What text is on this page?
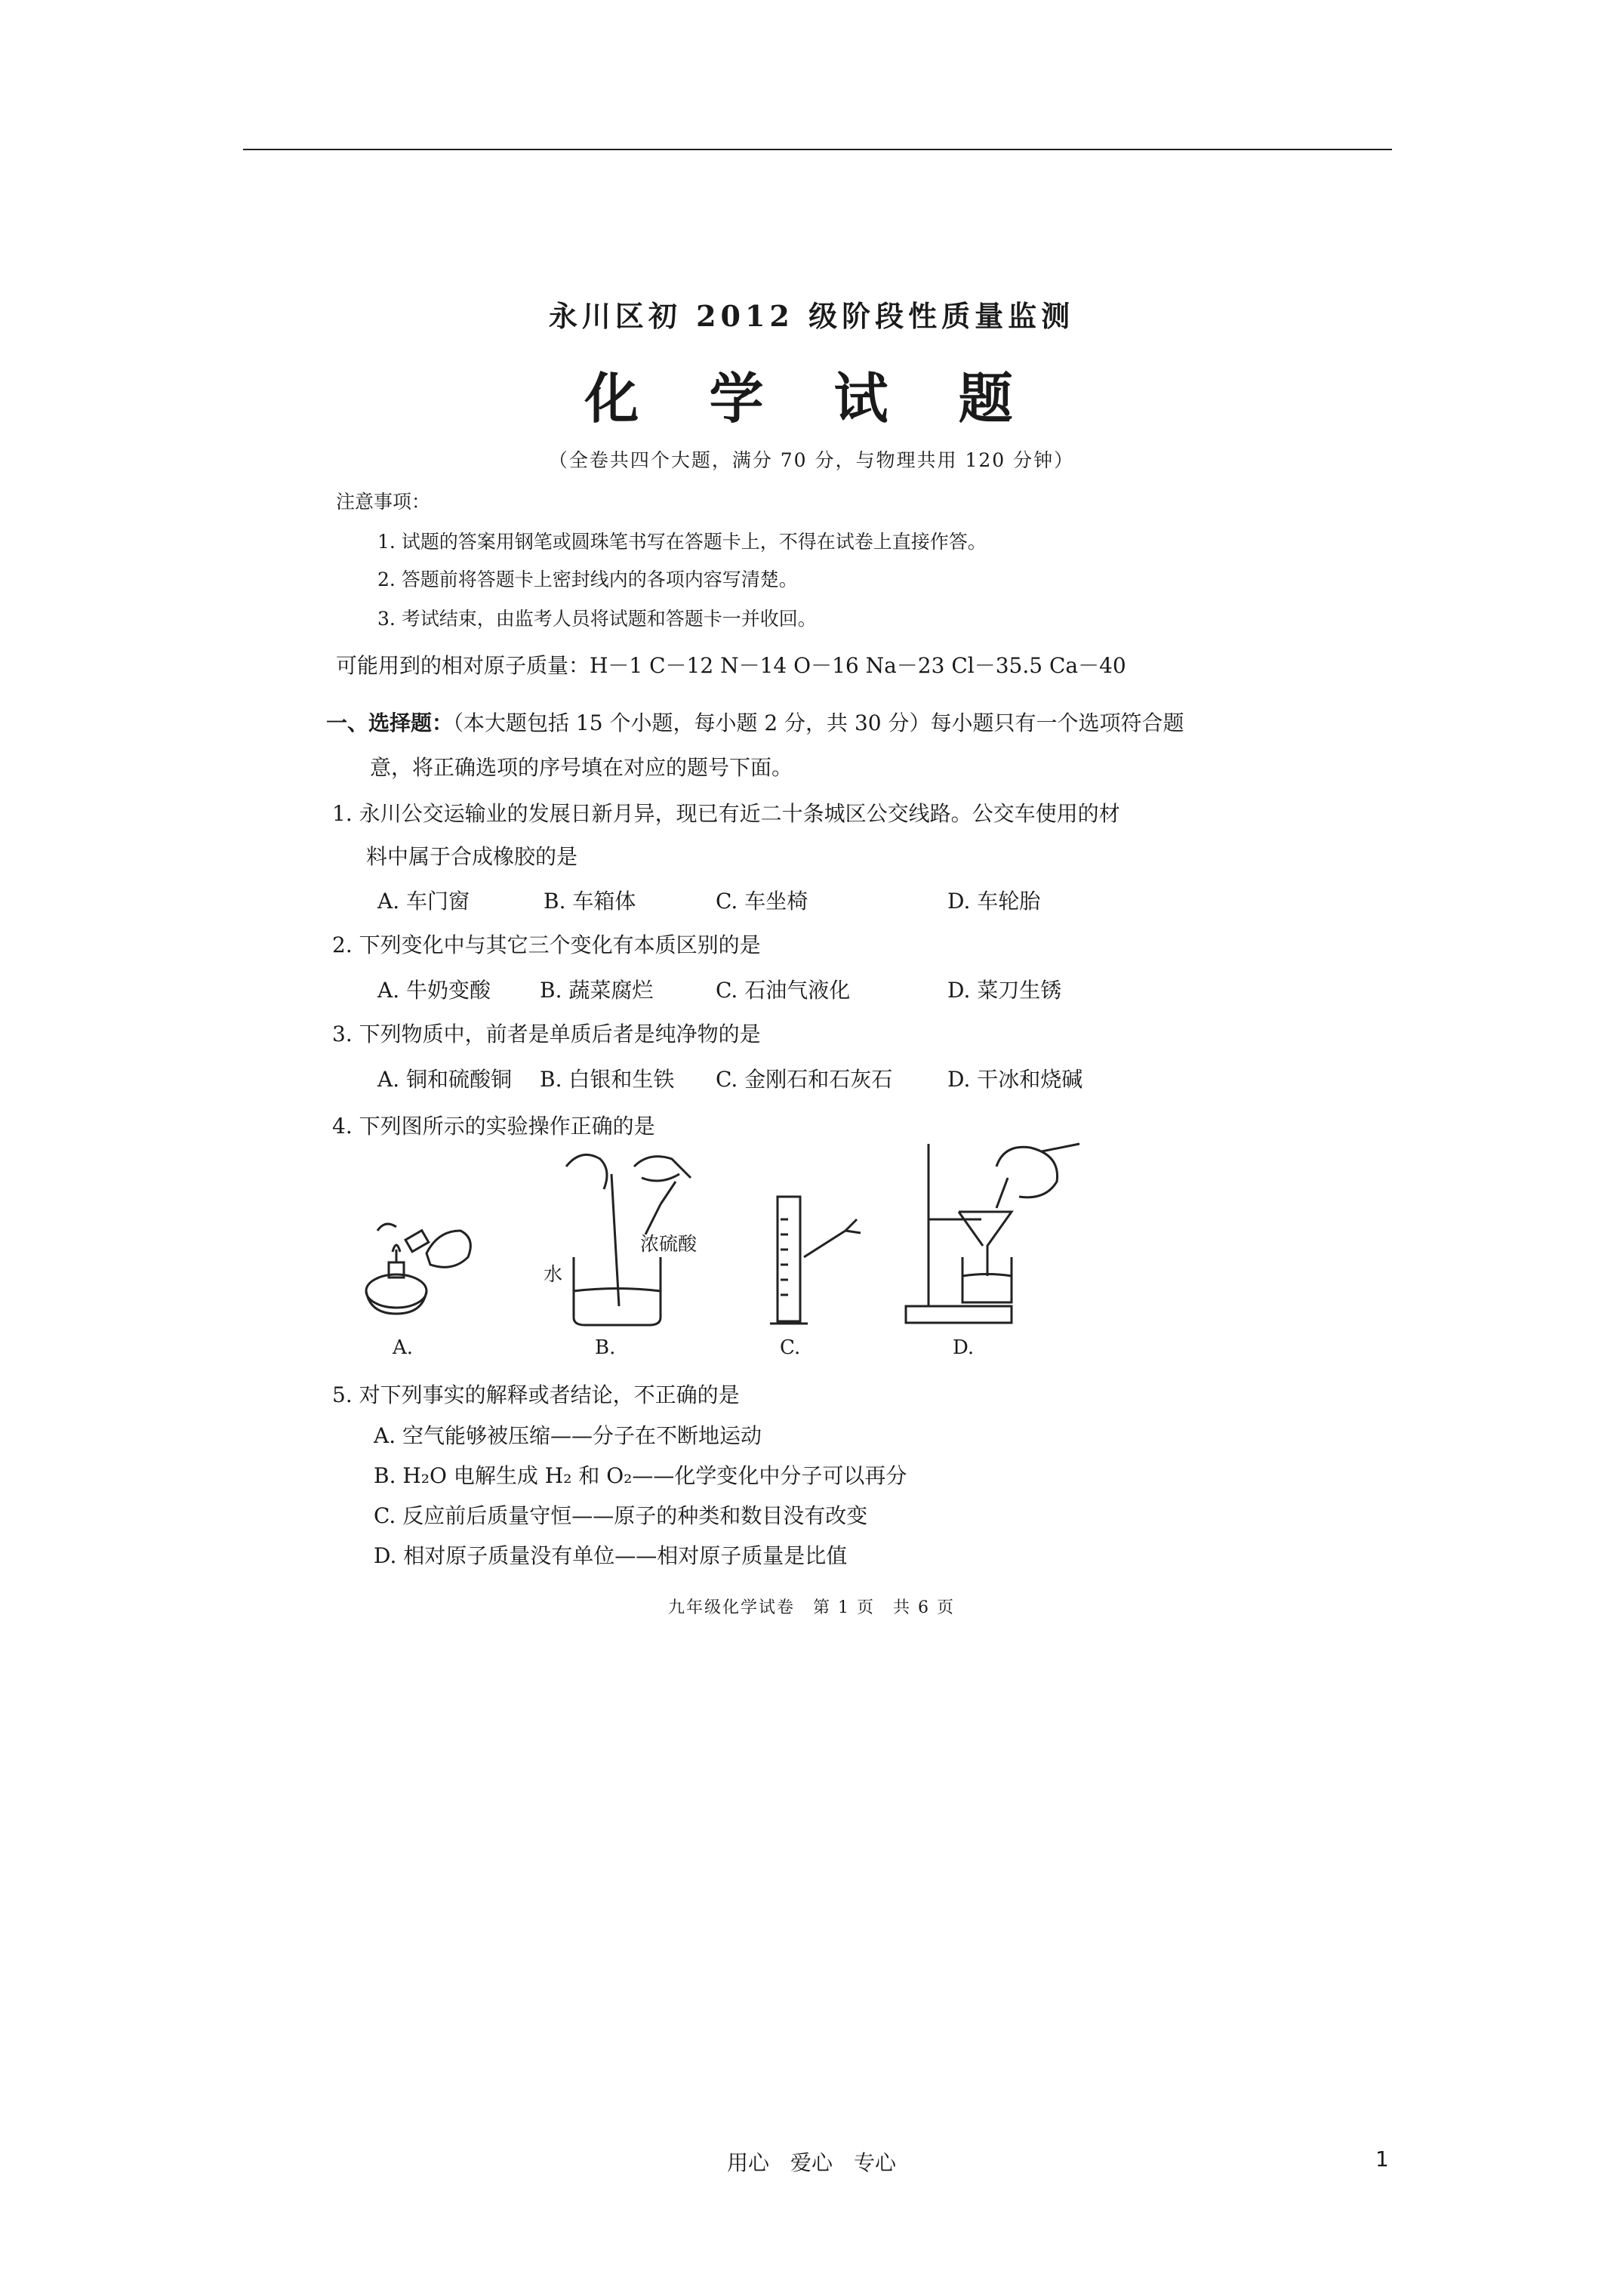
永川区初 2012 级阶段性质量监测
化 学 试 题
（全卷共四个大题，满分 70 分，与物理共用 120 分钟）
注意事项：
1. 试题的答案用钢笔或圆珠笔书写在答题卡上，不得在试卷上直接作答。
2. 答题前将答题卡上密封线内的各项内容写清楚。
3. 考试结束，由监考人员将试题和答题卡一并收回。
可能用到的相对原子质量：H－1 C－12 N－14 O－16 Na－23 Cl－35.5 Ca－40
一、选择题：（本大题包括 15 个小题，每小题 2 分，共 30 分）每小题只有一个选项符合题
意，将正确选项的序号填在对应的题号下面。
1. 永川公交运输业的发展日新月异，现已有近二十条城区公交线路。公交车使用的材
料中属于合成橡胶的是
A. 车门窗	B. 车箱体	C. 车坐椅	D. 车轮胎
2. 下列变化中与其它三个变化有本质区别的是
A. 牛奶变酸 B. 蔬菜腐烂	C. 石油气液化	D. 菜刀生锈
3. 下列物质中，前者是单质后者是纯净物的是
A. 铜和硫酸铜 B. 白银和生铁 C. 金刚石和石灰石	D. 干冰和烧碱
4. 下列图所示的实验操作正确的是
A.
水
浓硫酸
B.	C.	D.
5. 对下列事实的解释或者结论，不正确的是
A. 空气能够被压缩——分子在不断地运动
B. H₂O 电解生成 H₂ 和 O₂——化学变化中分子可以再分
C. 反应前后质量守恒——原子的种类和数目没有改变
D. 相对原子质量没有单位——相对原子质量是比值
九年级化学试卷　第 1 页　共 6 页
用心　爱心　专心	1
